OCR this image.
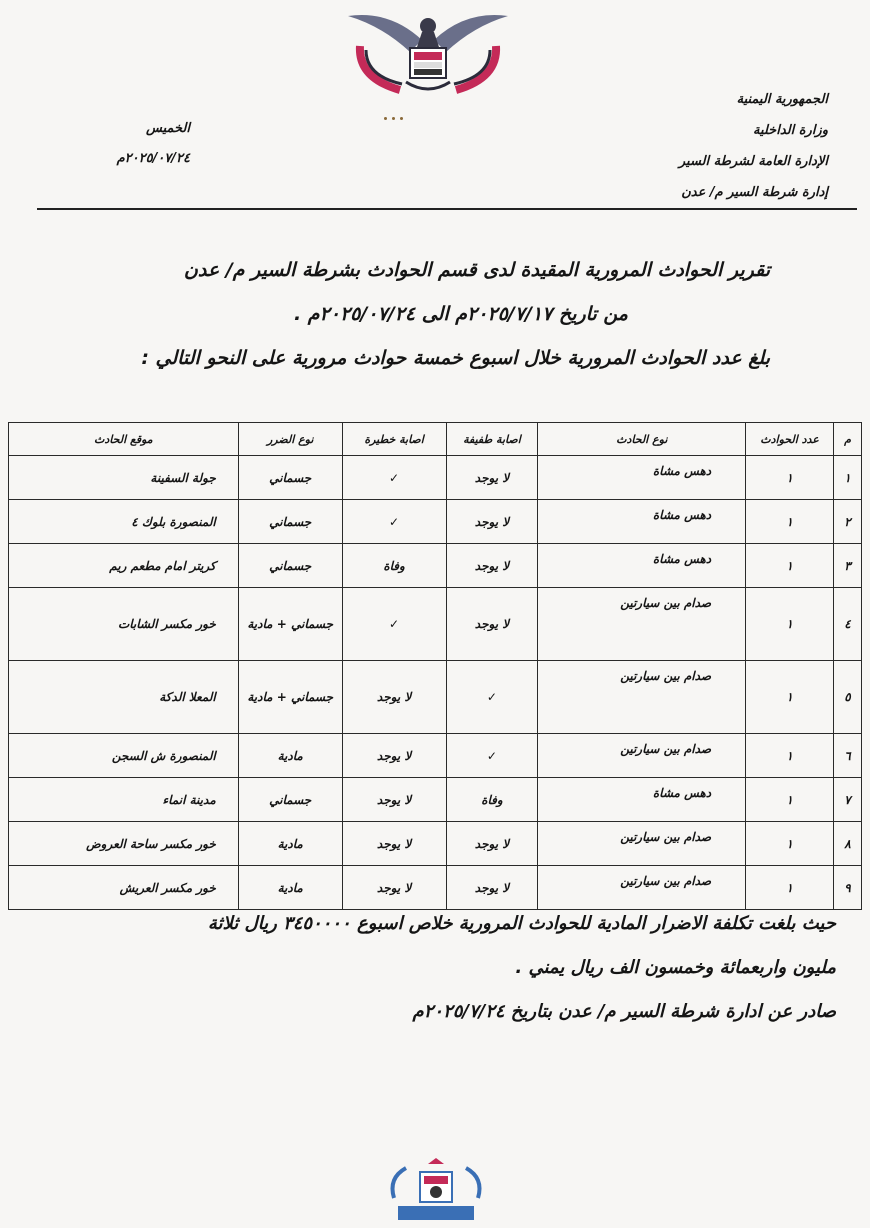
الجمهورية اليمنية
وزارة الداخلية
الإدارة العامة لشرطة السير
إدارة شرطة السير م/ عدن
الخميس
٢٠٢٥/٠٧/٢٤م
تقرير الحوادث المرورية المقيدة لدى قسم الحوادث بشرطة السير م/ عدن
من تاريخ ٢٠٢٥/٧/١٧م الى ٢٠٢٥/٠٧/٢٤م .
بلغ عدد الحوادث المرورية خلال اسبوع خمسة حوادث مرورية على النحو التالي :
م	عدد الحوادث	نوع الحادث	اصابة طفيفة	اصابة خطيرة	نوع الضرر	موقع الحادث
١	١	دهس مشاة	لا يوجد	✓	جسماني	جولة السفينة
٢	١	دهس مشاة	لا يوجد	✓	جسماني	المنصورة بلوك ٤
٣	١	دهس مشاة	لا يوجد	وفاة	جسماني	كريتر امام مطعم ريم
٤	١	صدام بين سيارتين	لا يوجد	✓	جسماني + مادية	خور مكسر الشابات
٥	١	صدام بين سيارتين	✓	لا يوجد	جسماني + مادية	المعلا الدكة
٦	١	صدام بين سيارتين	✓	لا يوجد	مادية	المنصورة ش السجن
٧	١	دهس مشاة	وفاة	لا يوجد	جسماني	مدينة انماء
٨	١	صدام بين سيارتين	لا يوجد	لا يوجد	مادية	خور مكسر ساحة العروض
٩	١	صدام بين سيارتين	لا يوجد	لا يوجد	مادية	خور مكسر العريش
حيث بلغت تكلفة الاضرار المادية للحوادث المرورية خلاص اسبوع ٣٤٥٠٠٠٠ ريال ثلاثة
مليون واربعمائة وخمسون الف ريال يمني .
صادر عن ادارة شرطة السير م/ عدن بتاريخ ٢٠٢٥/٧/٢٤م
